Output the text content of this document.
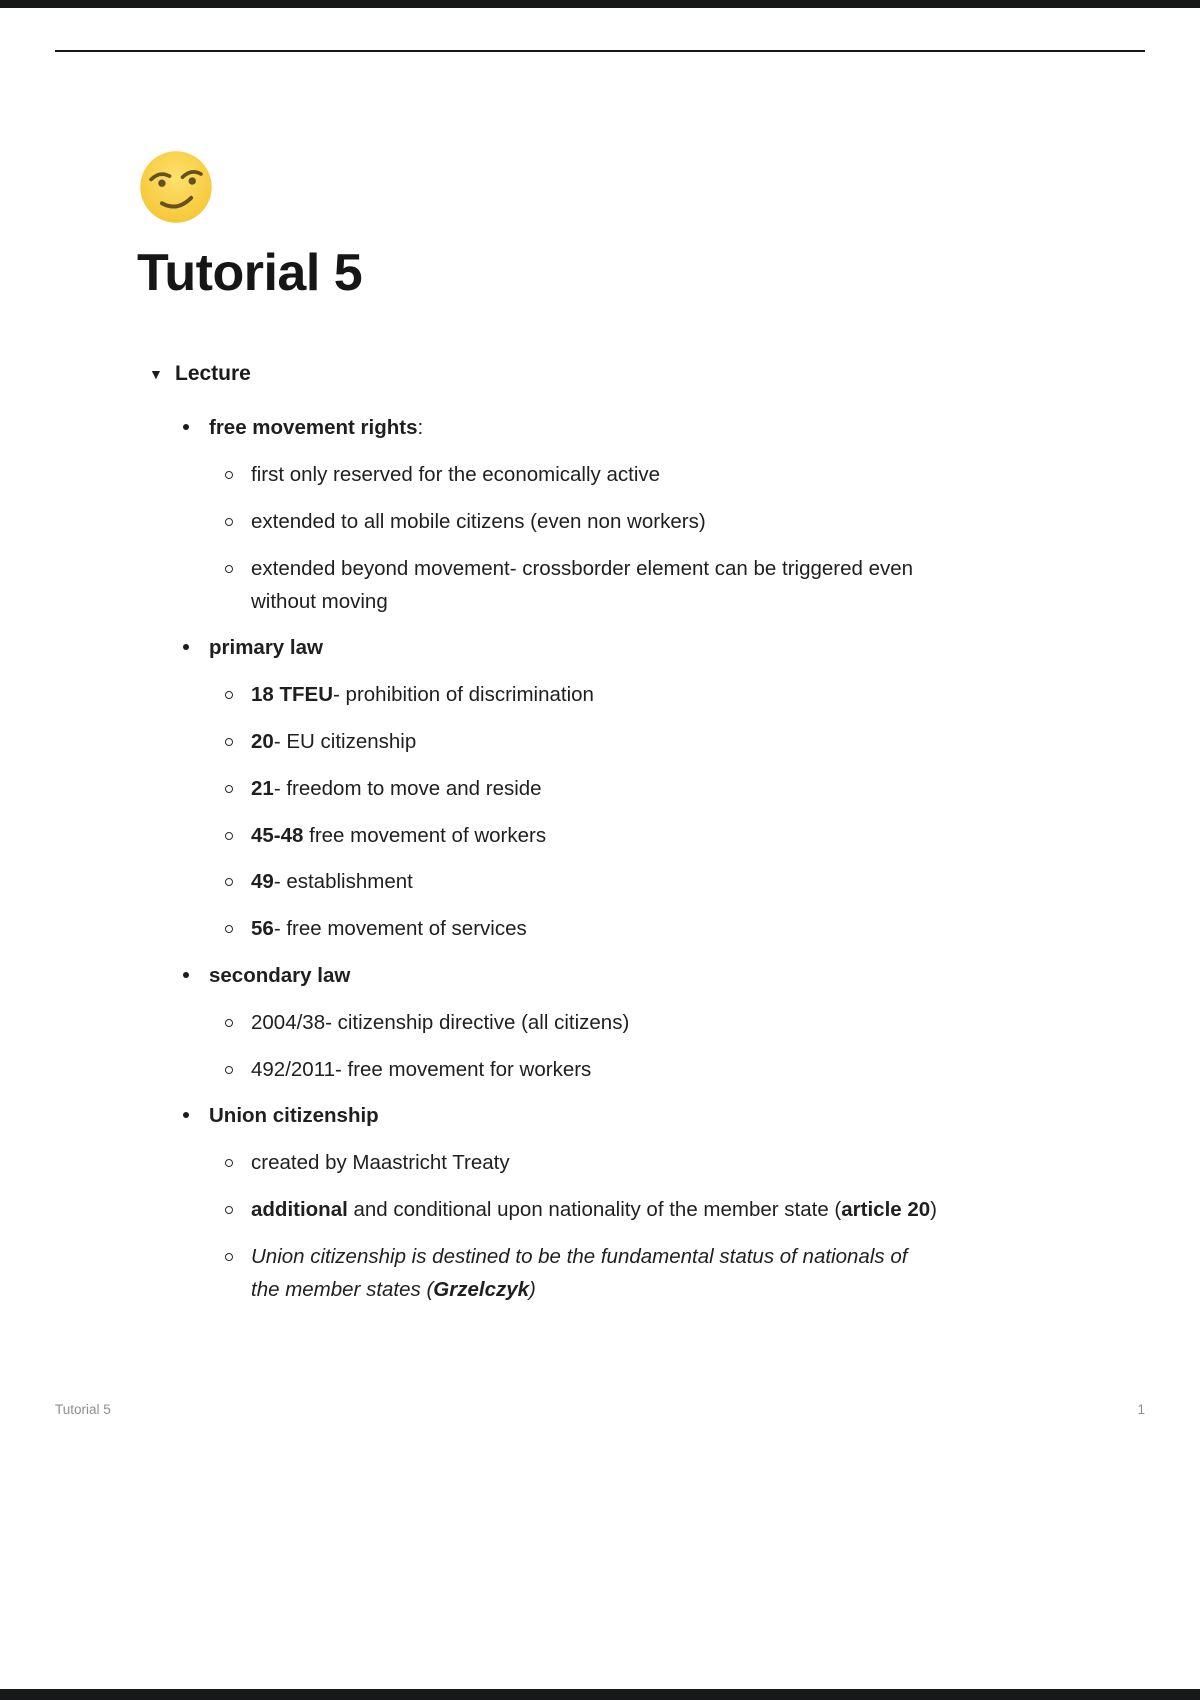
Tutorial 5
▼ Lecture
free movement rights:
first only reserved for the economically active
extended to all mobile citizens (even non workers)
extended beyond movement- crossborder element can be triggered even without moving
primary law
18 TFEU- prohibition of discrimination
20- EU citizenship
21- freedom to move and reside
45-48 free movement of workers
49- establishment
56- free movement of services
secondary law
2004/38- citizenship directive (all citizens)
492/2011- free movement for workers
Union citizenship
created by Maastricht Treaty
additional and conditional upon nationality of the member state (article 20)
Union citizenship is destined to be the fundamental status of nationals of the member states (Grzelczyk)
Tutorial 5	1
